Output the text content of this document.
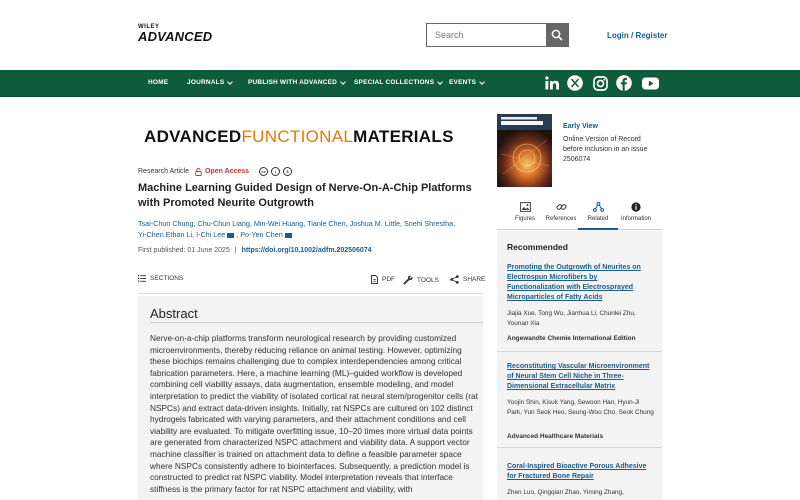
WILEY
ADVANCED
Search	Login / Register
HOME	JOURNALS	PUBLISH WITH ADVANCED	SPECIAL COLLECTIONS EVENTS
ADVANCEDFUNCTIONALMATERIALS
Research Article Open Access	cc	i	$
Machine Learning Guided Design of Nerve-On-A-Chip Platforms with Promoted Neurite Outgrowth
Tsai-Chun Chung, Chu-Chun Liang, Min-Wei Huang, Tianle Chen, Joshua M. Little, Snehi Shrestha,
Yi-Chen Ethan Li, I-Chi Lee , Po-Yen Chen
First published: 01 June 2025 | https://doi.org/10.1002/adfm.202506074
SECTIONS	PDF	TOOLS	SHARE
Abstract
Nerve-on-a-chip platforms transform neurological research by providing customized microenvironments, thereby reducing reliance on animal testing. However, optimizing these biochips remains challenging due to complex interdependencies among critical fabrication parameters. Here, a machine learning (ML)–guided workflow is developed combining cell viability assays, data augmentation, ensemble modeling, and model interpretation to predict the viability of isolated cortical rat neural stem/progenitor cells (rat NSPCs) and extract data-driven insights. Initially, rat NSPCs are cultured on 102 distinct hydrogels fabricated with varying parameters, and their attachment conditions and cell viability are evaluated. To mitigate overfitting issue, 10–20 times more virtual data points are generated from characterized NSPC attachment and viability data. A support vector machine classifier is trained on attachment data to define a feasible parameter space where NSPCs consistently adhere to biointerfaces. Subsequently, a prediction model is constructed to predict rat NSPC viability. Model interpretation reveals that interface stiffness is the primary factor for rat NSPC attachment and viability, with
Early View
Online Version of Record
before inclusion in an issue
2506074
Figures	References	Related	Information
Recommended
Promoting the Outgrowth of Neurites on Electrospun Microfibers by Functionalization with Electrosprayed Microparticles of Fatty Acids
Jiajia Xue, Tong Wu, Jianhua Li, Chunlei Zhu, Younan Xia
Angewandte Chemie International Edition
Reconstituting Vascular Microenvironment of Neural Stem Cell Niche in Three-Dimensional Extracellular Matrix
Yoojin Shin, Kisuk Yang, Sewoon Han, Hyun-Ji Park, Yun Seok Heo, Seung-Woo Cho, Seok Chung
Advanced Healthcare Materials
Coral-Inspired Bioactive Porous Adhesive for Fractured Bone Repair
Zhen Luo, Qingqian Zhao, Yiming Zhang,
